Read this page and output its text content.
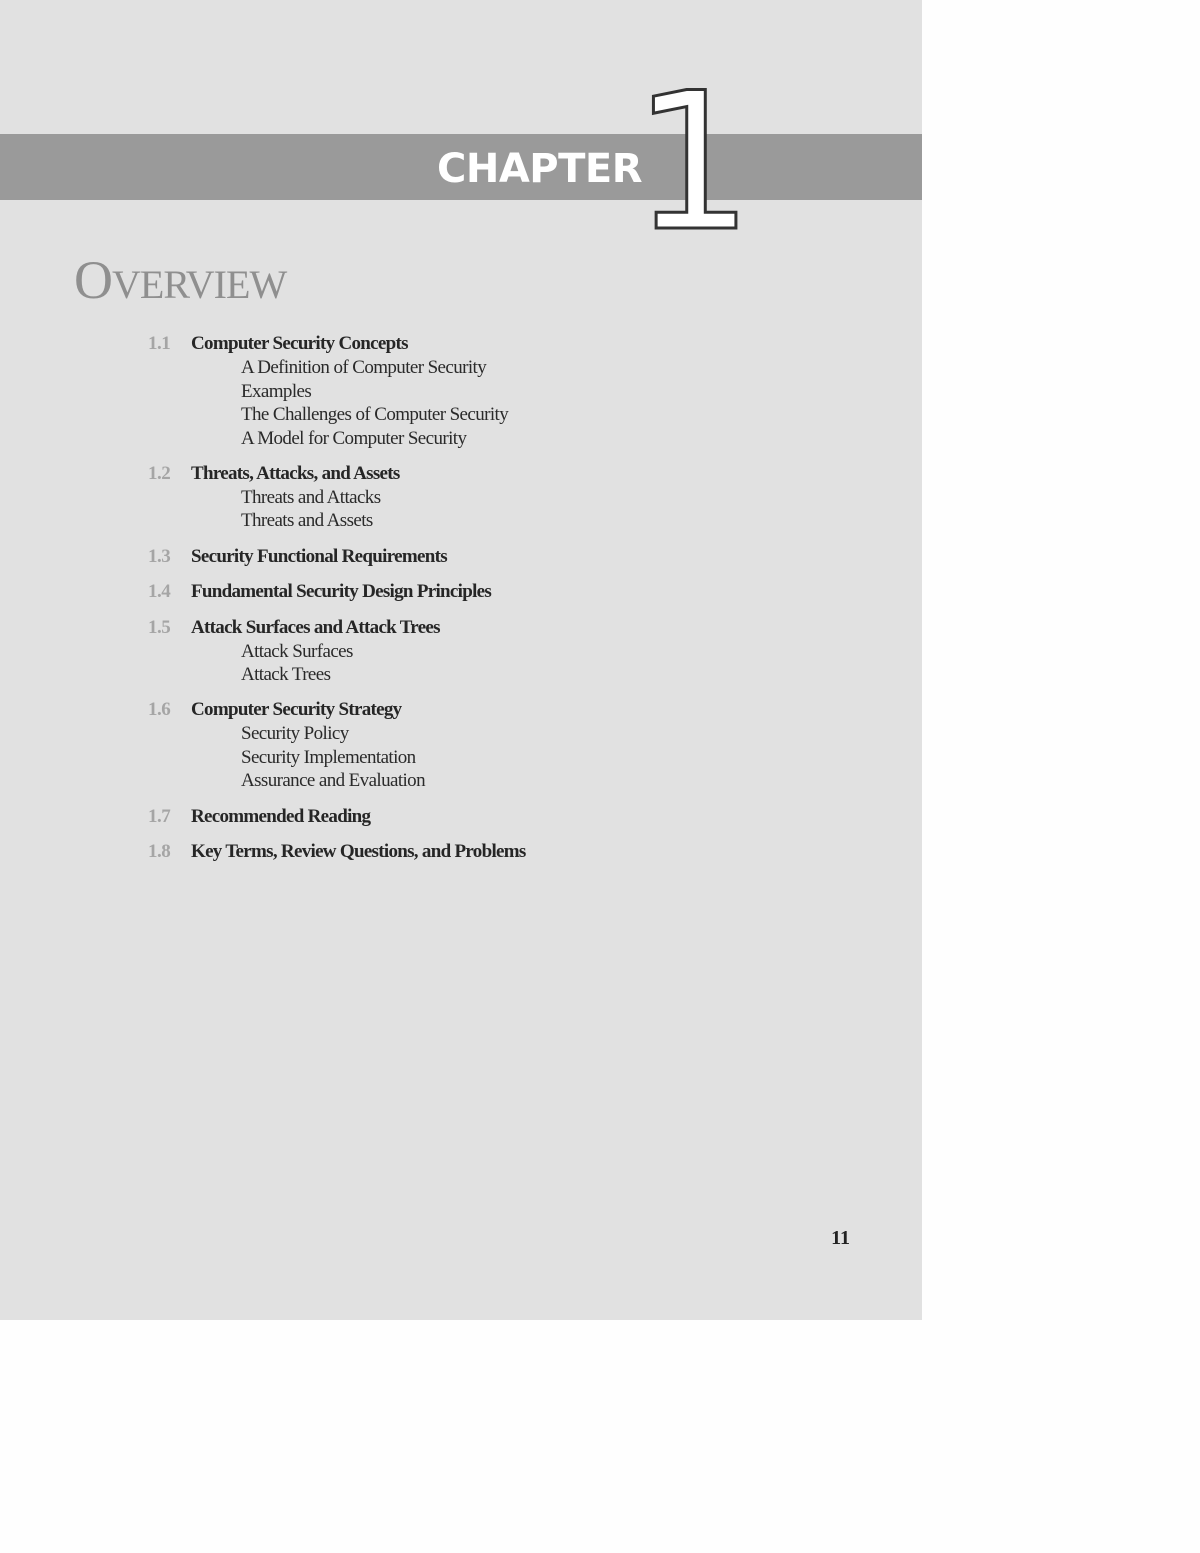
CHAPTER
1
OVERVIEW
1.1 Computer Security Concepts
A Definition of Computer Security
Examples
The Challenges of Computer Security
A Model for Computer Security
1.2 Threats, Attacks, and Assets
Threats and Attacks
Threats and Assets
1.3 Security Functional Requirements
1.4 Fundamental Security Design Principles
1.5 Attack Surfaces and Attack Trees
Attack Surfaces
Attack Trees
1.6 Computer Security Strategy
Security Policy
Security Implementation
Assurance and Evaluation
1.7 Recommended Reading
1.8 Key Terms, Review Questions, and Problems
11
